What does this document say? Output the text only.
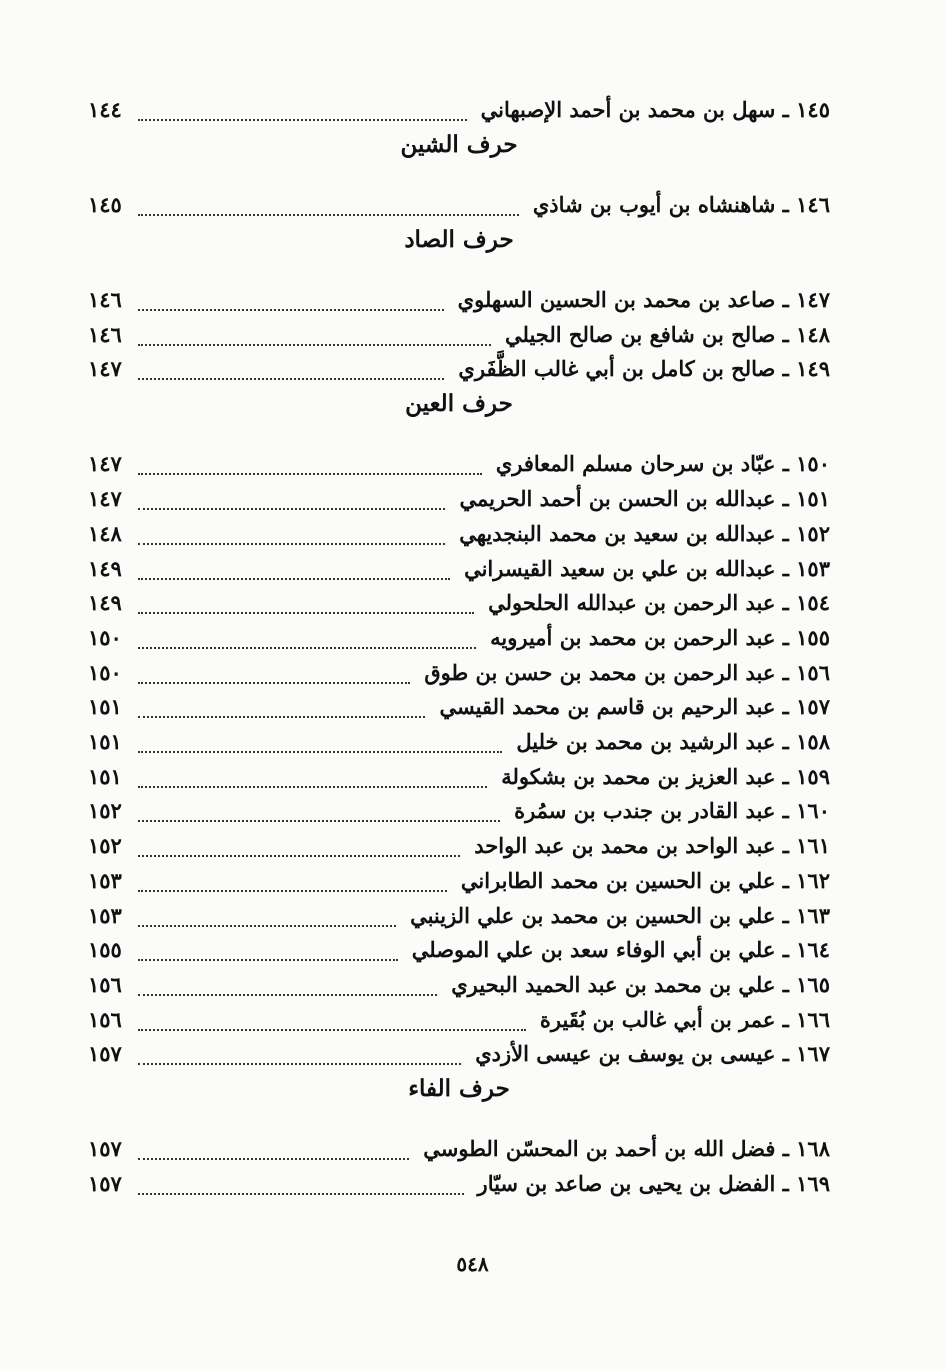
١٤٥ ـ سهل بن محمد بن أحمد الإصبهاني
١٤٤
حرف الشين
١٤٦ ـ شاهنشاه بن أيوب بن شاذي
١٤٥
حرف الصاد
١٤٧ ـ صاعد بن محمد بن الحسين السهلوي
١٤٦
١٤٨ ـ صالح بن شافع بن صالح الجيلي
١٤٦
١٤٩ ـ صالح بن كامل بن أبي غالب الظَّفَري
١٤٧
حرف العين
١٥٠ ـ عبّاد بن سرحان مسلم المعافري
١٤٧
١٥١ ـ عبدالله بن الحسن بن أحمد الحريمي
١٤٧
١٥٢ ـ عبدالله بن سعيد بن محمد البنجديهي
١٤٨
١٥٣ ـ عبدالله بن علي بن سعيد القيسراني
١٤٩
١٥٤ ـ عبد الرحمن بن عبدالله الحلحولي
١٤٩
١٥٥ ـ عبد الرحمن بن محمد بن أميرويه
١٥٠
١٥٦ ـ عبد الرحمن بن محمد بن حسن بن طوق
١٥٠
١٥٧ ـ عبد الرحيم بن قاسم بن محمد القيسي
١٥١
١٥٨ ـ عبد الرشيد بن محمد بن خليل
١٥١
١٥٩ ـ عبد العزيز بن محمد بن بشكولة
١٥١
١٦٠ ـ عبد القادر بن جندب بن سمُرة
١٥٢
١٦١ ـ عبد الواحد بن محمد بن عبد الواحد
١٥٢
١٦٢ ـ علي بن الحسين بن محمد الطابراني
١٥٣
١٦٣ ـ علي بن الحسين بن محمد بن علي الزينبي
١٥٣
١٦٤ ـ علي بن أبي الوفاء سعد بن علي الموصلي
١٥٥
١٦٥ ـ علي بن محمد بن عبد الحميد البحيري
١٥٦
١٦٦ ـ عمر بن أبي غالب بن بُقَيرة
١٥٦
١٦٧ ـ عيسى بن يوسف بن عيسى الأزدي
١٥٧
حرف الفاء
١٦٨ ـ فضل الله بن أحمد بن المحسّن الطوسي
١٥٧
١٦٩ ـ الفضل بن يحيى بن صاعد بن سيّار
١٥٧
٥٤٨
